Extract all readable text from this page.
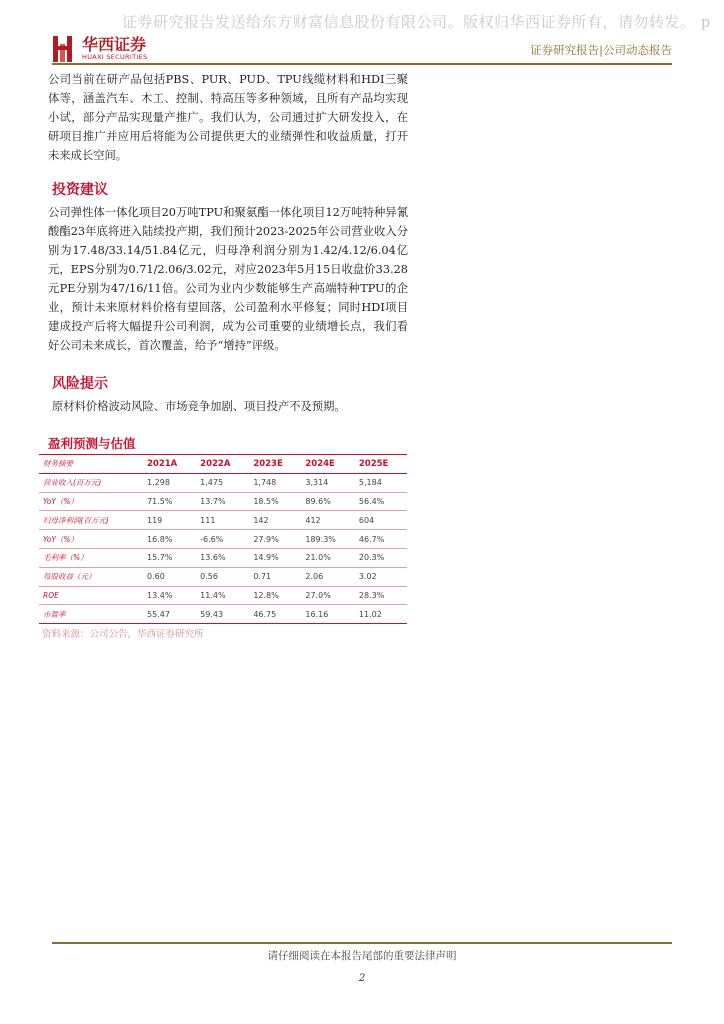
证券研究报告发送给东方财富信息股份有限公司。版权归华西证券所有，请勿转发。 p
华西证券
HUAXI SECURITIES	证券研究报告|公司动态报告

公司当前在研产品包括PBS、PUR、PUD、TPU线缆材料和HDI三聚体等，涵盖汽车、木工、控制、特高压等多种领域，且所有产品均实现小试，部分产品实现量产推广。我们认为，公司通过扩大研发投入，在研项目推广并应用后将能为公司提供更大的业绩弹性和收益质量，打开未来成长空间。

投资建议

公司弹性体一体化项目20万吨TPU和聚氨酯一体化项目12万吨特种异氰酸酯23年底将进入陆续投产期，我们预计2023-2025年公司营业收入分别为17.48/33.14/51.84亿元，归母净利润分别为1.42/4.12/6.04亿元，EPS分别为0.71/2.06/3.02元，对应2023年5月15日收盘价33.28元PE分别为47/16/11倍。公司为业内少数能够生产高端特种TPU的企业，预计未来原材料价格有望回落，公司盈利水平修复；同时HDI项目建成投产后将大幅提升公司利润，成为公司重要的业绩增长点，我们看好公司未来成长，首次覆盖，给予“增持”评级。

风险提示

原材料价格波动风险、市场竞争加剧、项目投产不及预期。

盈利预测与估值
财务摘要	2021A	2022A	2023E	2024E	2025E
营业收入(百万元)	1,298	1,475	1,748	3,314	5,184
YoY（%）	71.5%	13.7%	18.5%	89.6%	56.4%
归母净利润(百万元)	119	111	142	412	604
YoY（%）	16.8%	-6.6%	27.9%	189.3%	46.7%
毛利率（%）	15.7%	13.6%	14.9%	21.0%	20.3%
每股收益（元）	0.60	0.56	0.71	2.06	3.02
ROE	13.4%	11.4%	12.8%	27.0%	28.3%
市盈率	55.47	59.43	46.75	16.16	11.02
资料来源：公司公告，华西证券研究所
请仔细阅读在本报告尾部的重要法律声明
2
